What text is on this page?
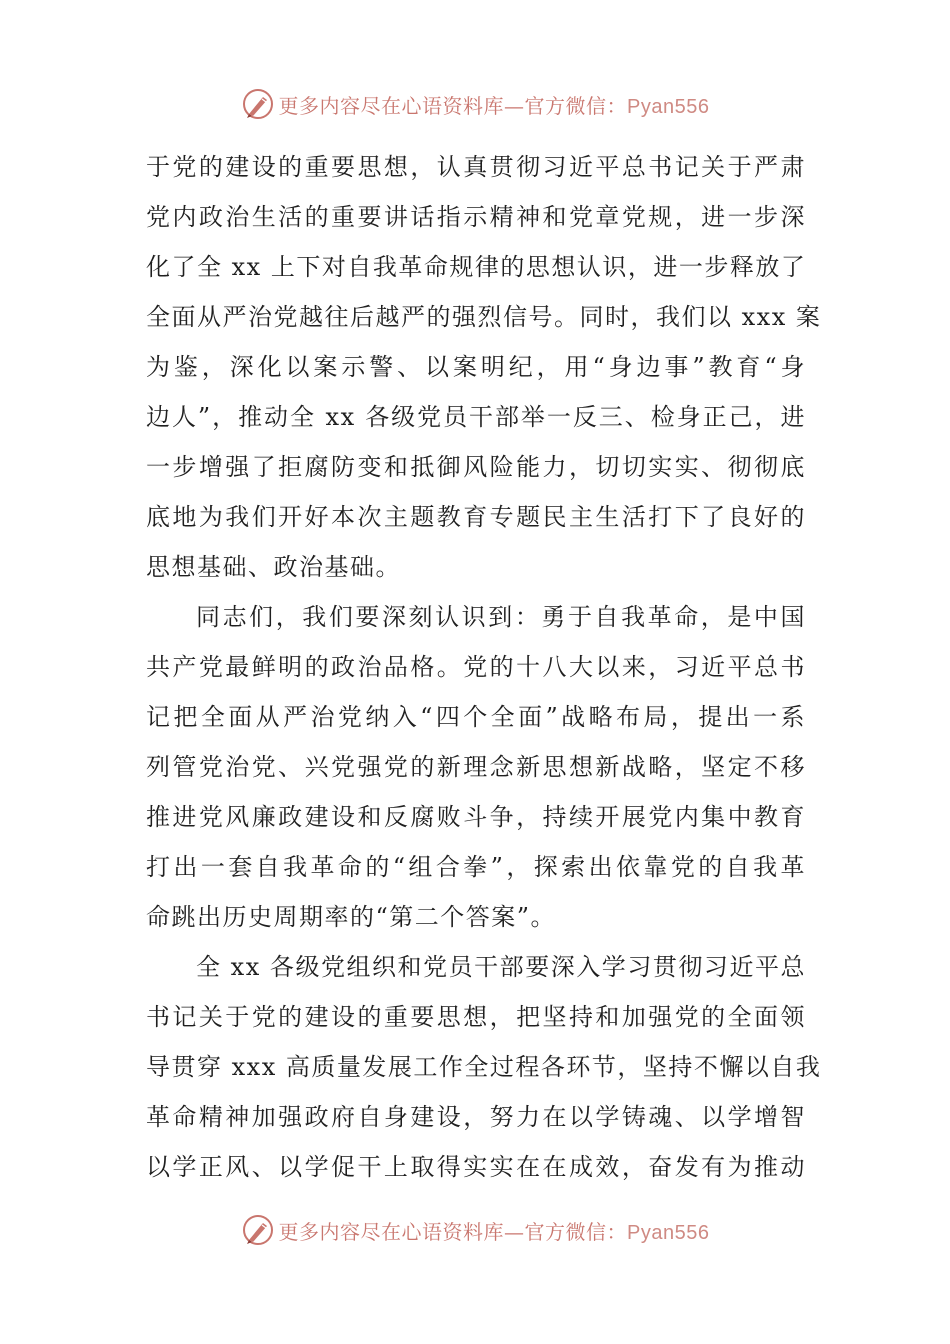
更多内容尽在心语资料库—官方微信：Pyan556
于党的建设的重要思想，认真贯彻习近平总书记关于严肃
党内政治生活的重要讲话指示精神和党章党规，进一步深
化了全 xx 上下对自我革命规律的思想认识，进一步释放了
全面从严治党越往后越严的强烈信号。同时，我们以 xxx 案
为鉴，深化以案示警、以案明纪，用“身边事”教育“身
边人”，推动全 xx 各级党员干部举一反三、检身正己，进
一步增强了拒腐防变和抵御风险能力，切切实实、彻彻底
底地为我们开好本次主题教育专题民主生活打下了良好的
思想基础、政治基础。
同志们，我们要深刻认识到：勇于自我革命，是中国
共产党最鲜明的政治品格。党的十八大以来，习近平总书
记把全面从严治党纳入“四个全面”战略布局，提出一系
列管党治党、兴党强党的新理念新思想新战略，坚定不移
推进党风廉政建设和反腐败斗争，持续开展党内集中教育
打出一套自我革命的“组合拳”，探索出依靠党的自我革
命跳出历史周期率的“第二个答案”。
全 xx 各级党组织和党员干部要深入学习贯彻习近平总
书记关于党的建设的重要思想，把坚持和加强党的全面领
导贯穿 xxx 高质量发展工作全过程各环节，坚持不懈以自我
革命精神加强政府自身建设，努力在以学铸魂、以学增智
以学正风、以学促干上取得实实在在成效，奋发有为推动
更多内容尽在心语资料库—官方微信：Pyan556
